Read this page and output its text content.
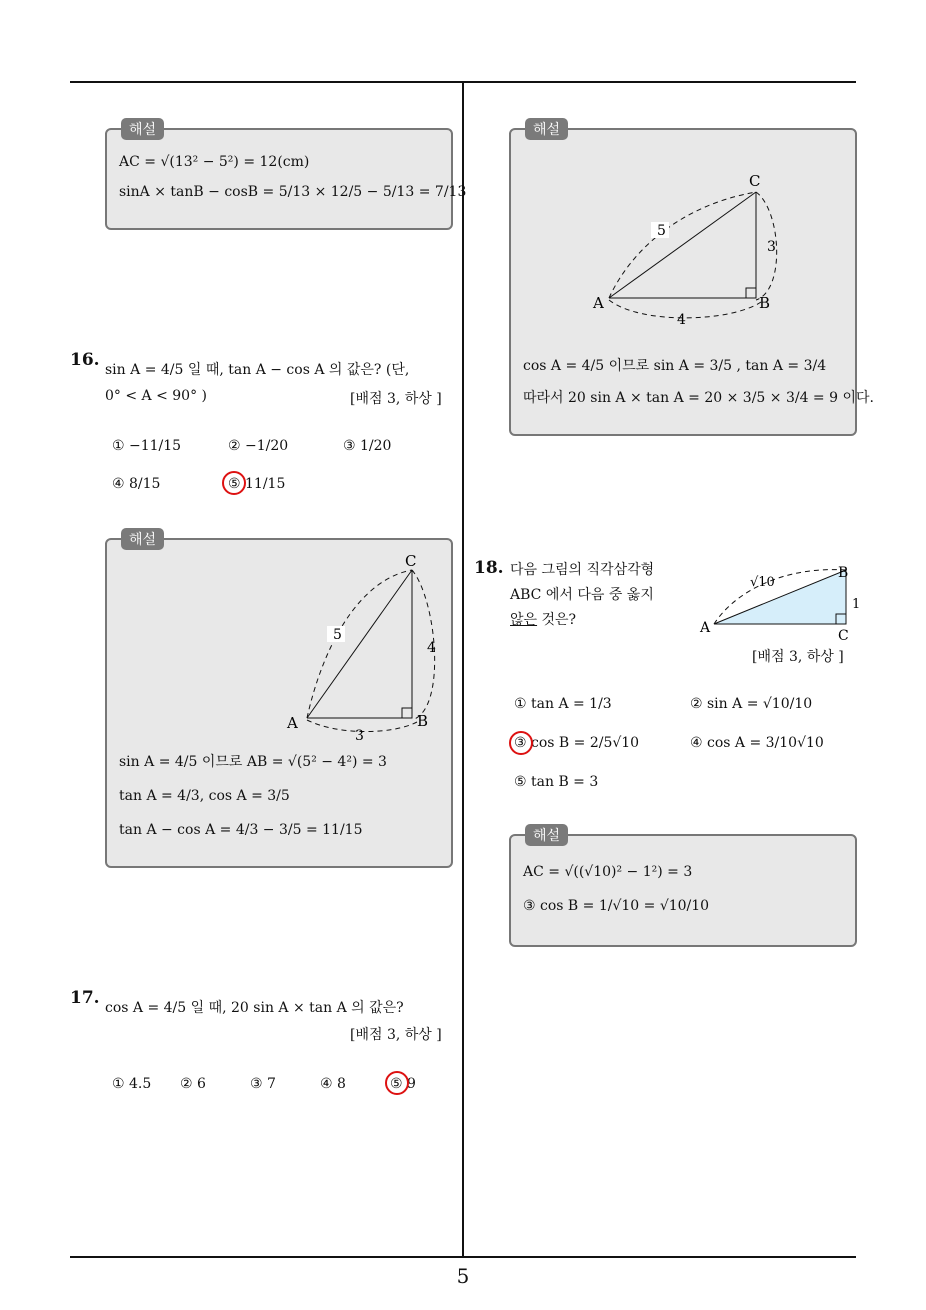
해설
AC = √(13² − 5²) = 12(cm)
sinA × tanB − cosB = 5/13 × 12/5 − 5/13 = 7/13
16. sin A = 4/5 일 때, tan A − cos A 의 값은? (단,
0° < A < 90° )	[배점 3, 하상 ]
① −11/15	② −1/20	③ 1/20
④ 8/15	⑤ 11/15
해설
5
4
3
A	B
C
sin A = 4/5 이므로 AB = √(5² − 4²) = 3
tan A = 4/3, cos A = 3/5
tan A − cos A = 4/3 − 3/5 = 11/15
17. cos A = 4/5 일 때, 20 sin A × tan A 의 값은?
[배점 3, 하상 ]
① 4.5 ② 6	③ 7	④ 8	⑤ 9
해설
5
3
4
A	B
C
cos A = 4/5 이므로 sin A = 3/5 , tan A = 3/4
따라서 20 sin A × tan A = 20 × 3/5 × 3/4 = 9 이다.
18. 다음 그림의 직각삼각형
ABC 에서 다음 중 옳지
않은 것은?
√10
1
A
B
C
[배점 3, 하상 ]
① tan A = 1/3	② sin A = √10/10
③ cos B = 2/5√10	④ cos A = 3/10√10
⑤ tan B = 3
해설
AC = √((√10)² − 1²) = 3
③ cos B = 1/√10 = √10/10
5
